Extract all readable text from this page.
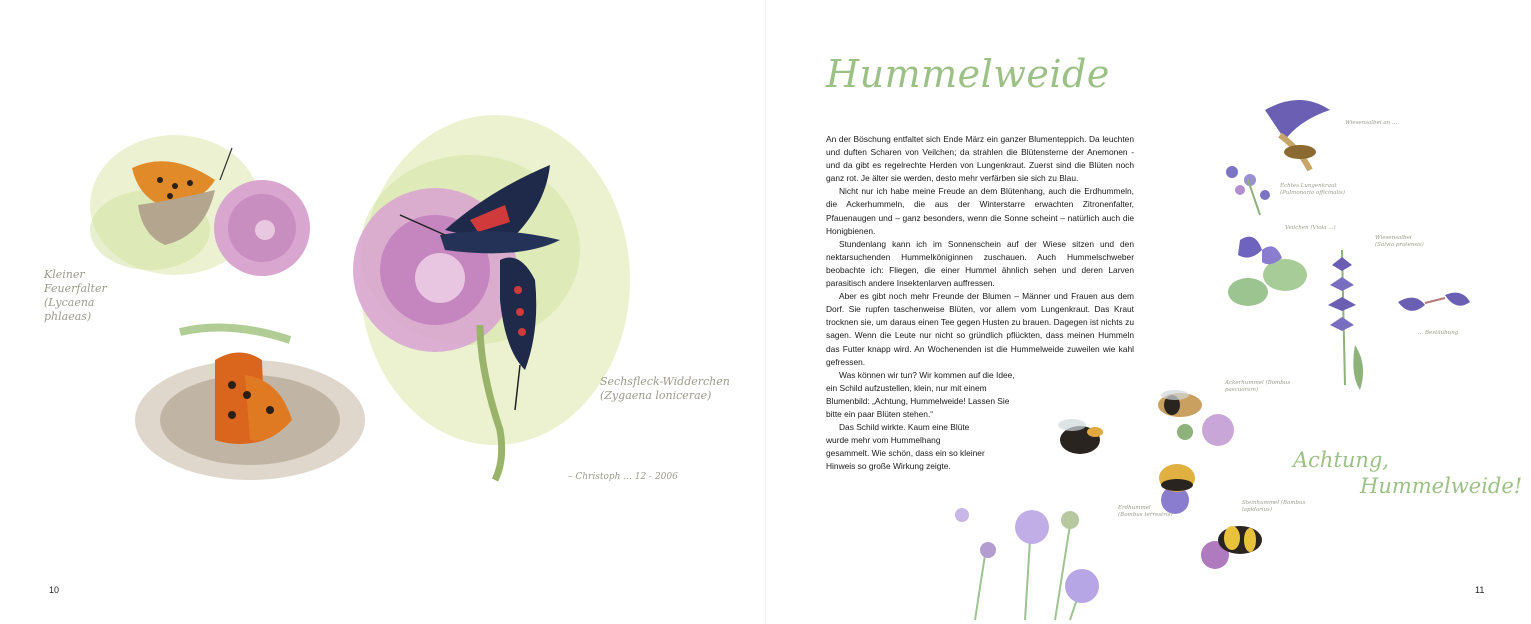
Kleiner Feuerfalter (Lycaena phlaeas)
Sechsfleck-Widderchen (Zygaena lonicerae)
– Christoph ... 12 - 2006
10
Hummelweide

An der Böschung entfaltet sich Ende März ein ganzer Blumenteppich. Da leuchten und duften Scharen von Veilchen; da strahlen die Blütensterne der Anemonen - und da gibt es regelrechte Herden von Lungenkraut. Zuerst sind die Blüten noch ganz rot. Je älter sie werden, desto mehr verfärben sie sich zu Blau.

Nicht nur ich habe meine Freude an dem Blütenhang, auch die Erdhummeln, die Ackerhummeln, die aus der Winterstarre erwachten Zitronenfalter, Pfauenaugen und – ganz besonders, wenn die Sonne scheint – natürlich auch die Honigbienen.

Stundenlang kann ich im Sonnenschein auf der Wiese sitzen und den nektarsuchenden Hummelköniginnen zuschauen. Auch Hummelschweber beobachte ich: Fliegen, die einer Hummel ähnlich sehen und deren Larven parasitisch andere Insektenlarven auffressen.

Aber es gibt noch mehr Freunde der Blumen – Männer und Frauen aus dem Dorf. Sie rupfen taschenweise Blüten, vor allem vom Lungenkraut. Das Kraut trocknen sie, um daraus einen Tee gegen Husten zu brauen. Dagegen ist nichts zu sagen. Wenn die Leute nur nicht so gründlich pflückten, dass meinen Hummeln das Futter knapp wird. An Wochenenden ist die Hummelweide zuweilen wie kahl gefressen.

Was können wir tun? Wir kommen auf die Idee, ein Schild aufzustellen, klein, nur mit einem Blumenbild: „Achtung, Hummelweide! Lassen Sie bitte ein paar Blüten stehen.“

Das Schild wirkte. Kaum eine Blüte wurde mehr vom Hummelhang gesammelt. Wie schön, dass ein so kleiner Hinweis so große Wirkung zeigte.	Achtung,
Hummelweide!
Wiesensalbei an ...
Echtes Lungenkraut (Pulmonaria officinalis)
Veilchen (Viola ...)
Wiesensalbei (Salvia pratensis)
... Bestäubung
Ackerhummel (Bombus pascuorum)
Erdhummel (Bombus terrestris)
Steinhummel (Bombus lapidarius)
11
